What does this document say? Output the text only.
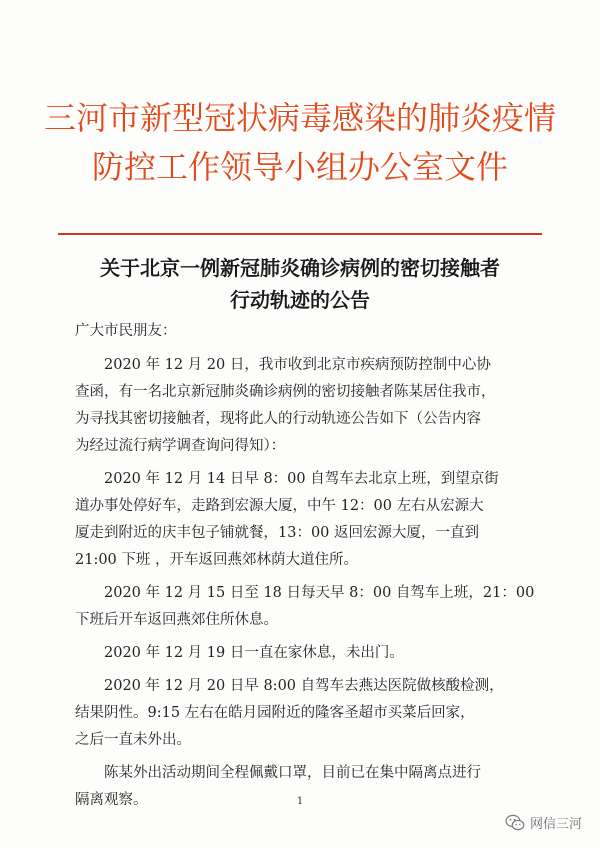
三河市新型冠状病毒感染的肺炎疫情
防控工作领导小组办公室文件
关于北京一例新冠肺炎确诊病例的密切接触者
行动轨迹的公告
广大市民朋友：
　　2020 年 12 月 20 日，我市收到北京市疾病预防控制中心协
查函，有一名北京新冠肺炎确诊病例的密切接触者陈某居住我市，
为寻找其密切接触者，现将此人的行动轨迹公告如下（公告内容
为经过流行病学调查询问得知）：
　　2020 年 12 月 14 日早 8：00 自驾车去北京上班，到望京街
道办事处停好车，走路到宏源大厦，中午 12：00 左右从宏源大
厦走到附近的庆丰包子铺就餐，13：00 返回宏源大厦，一直到
21:00 下班 ，开车返回燕郊林荫大道住所。
　　2020 年 12 月 15 日至 18 日每天早 8：00 自驾车上班，21：00
下班后开车返回燕郊住所休息。
　　2020 年 12 月 19 日一直在家休息，未出门。
　　2020 年 12 月 20 日早 8:00 自驾车去燕达医院做核酸检测，
结果阴性。9:15 左右在皓月园附近的隆客圣超市买菜后回家，
之后一直未外出。
　　陈某外出活动期间全程佩戴口罩，目前已在集中隔离点进行
隔离观察。	1
网信三河
